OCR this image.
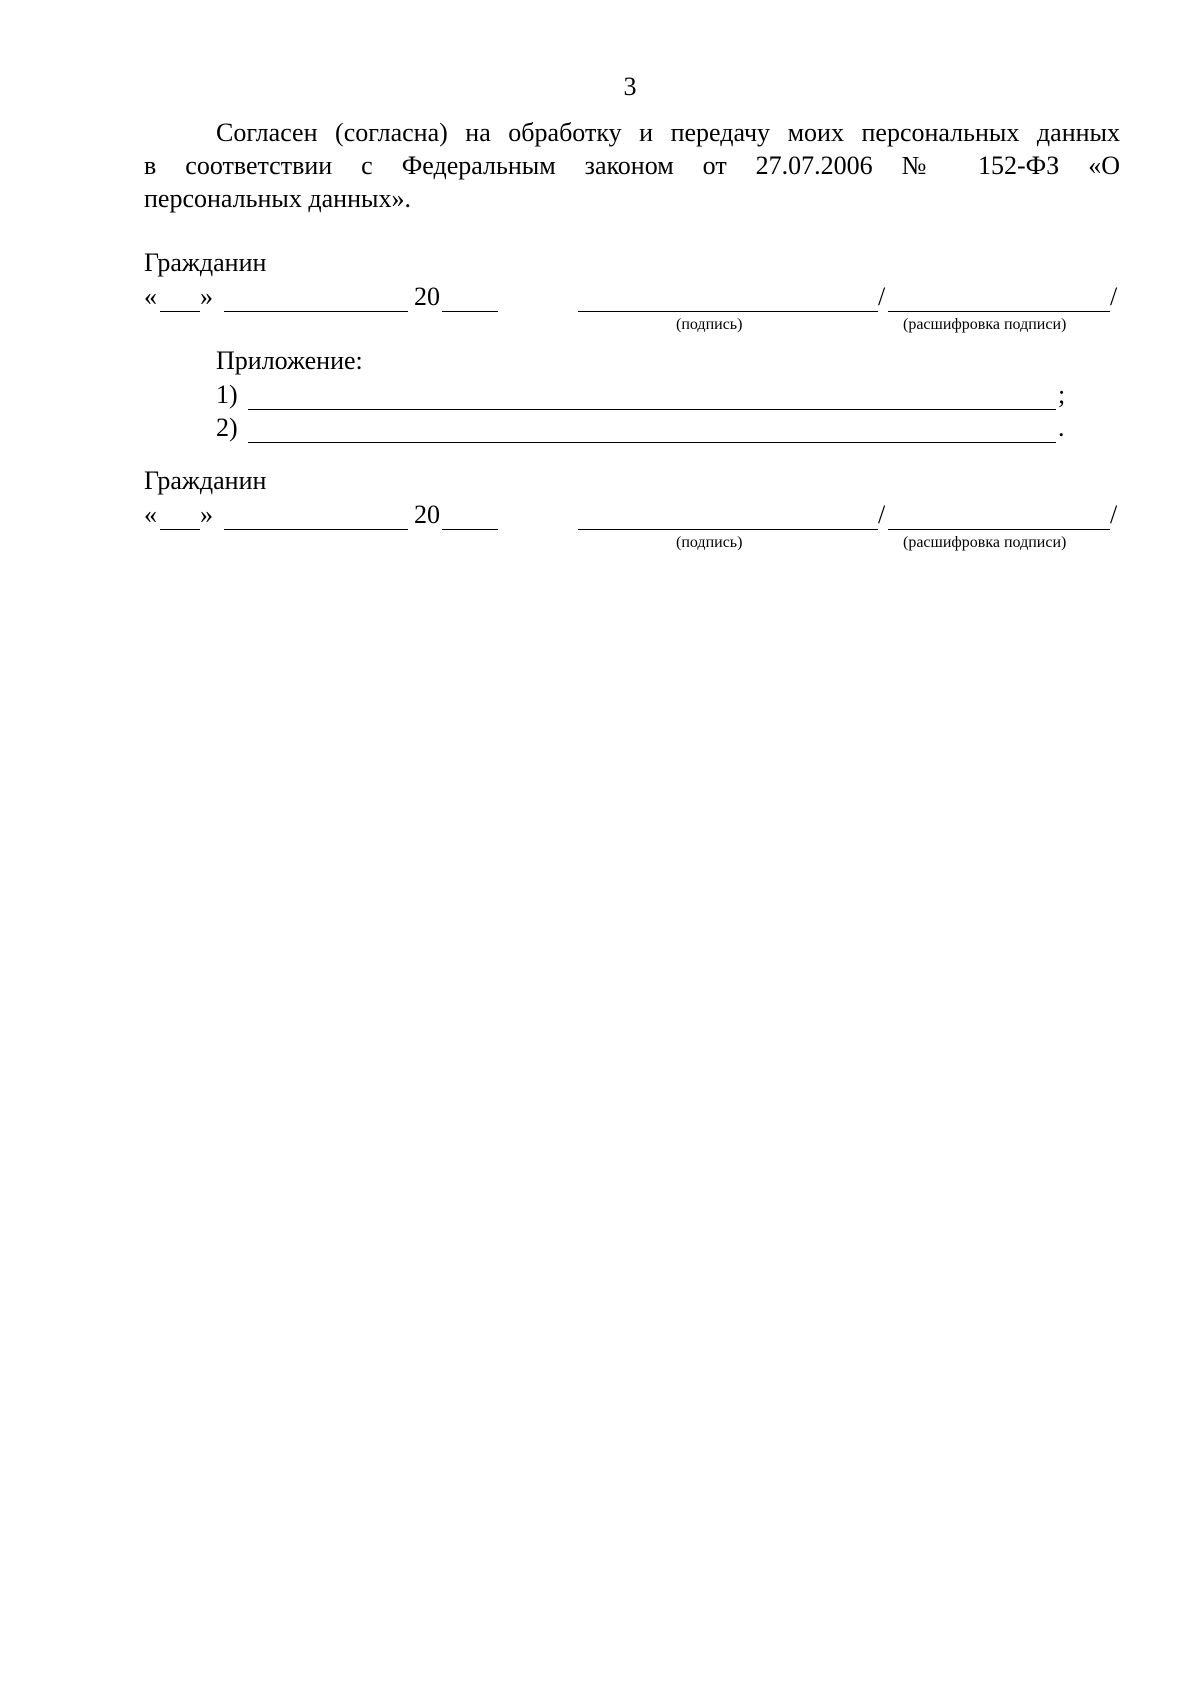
3
Согласен (согласна) на обработку и передачу моих персональных данных
в соответствии с Федеральным законом от 27.07.2006 № 152-ФЗ «О
персональных данных».
Гражданин
« »	20	/	/
(подпись)	(расшифровка подписи)
Приложение:
1)	;
2)	.
Гражданин
« »	20	/	/
(подпись)	(расшифровка подписи)
